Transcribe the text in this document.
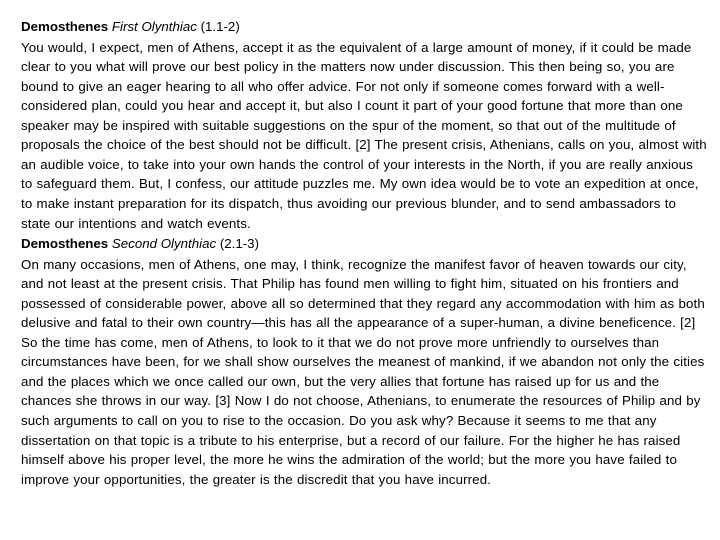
Demosthenes First Olynthiac (1.1-2)
You would, I expect, men of Athens, accept it as the equivalent of a large amount of money, if it could be made clear to you what will prove our best policy in the matters now under discussion. This then being so, you are bound to give an eager hearing to all who offer advice. For not only if someone comes forward with a well-considered plan, could you hear and accept it, but also I count it part of your good fortune that more than one speaker may be inspired with suitable suggestions on the spur of the moment, so that out of the multitude of proposals the choice of the best should not be difficult. [2] The present crisis, Athenians, calls on you, almost with an audible voice, to take into your own hands the control of your interests in the North, if you are really anxious to safeguard them. But, I confess, our attitude puzzles me. My own idea would be to vote an expedition at once, to make instant preparation for its dispatch, thus avoiding our previous blunder, and to send ambassadors to state our intentions and watch events.
Demosthenes Second Olynthiac (2.1-3)
On many occasions, men of Athens, one may, I think, recognize the manifest favor of heaven towards our city, and not least at the present crisis. That Philip has found men willing to fight him, situated on his frontiers and possessed of considerable power, above all so determined that they regard any accommodation with him as both delusive and fatal to their own country—this has all the appearance of a super-human, a divine beneficence. [2] So the time has come, men of Athens, to look to it that we do not prove more unfriendly to ourselves than circumstances have been, for we shall show ourselves the meanest of mankind, if we abandon not only the cities and the places which we once called our own, but the very allies that fortune has raised up for us and the chances she throws in our way. [3] Now I do not choose, Athenians, to enumerate the resources of Philip and by such arguments to call on you to rise to the occasion. Do you ask why? Because it seems to me that any dissertation on that topic is a tribute to his enterprise, but a record of our failure. For the higher he has raised himself above his proper level, the more he wins the admiration of the world; but the more you have failed to improve your opportunities, the greater is the discredit that you have incurred.
